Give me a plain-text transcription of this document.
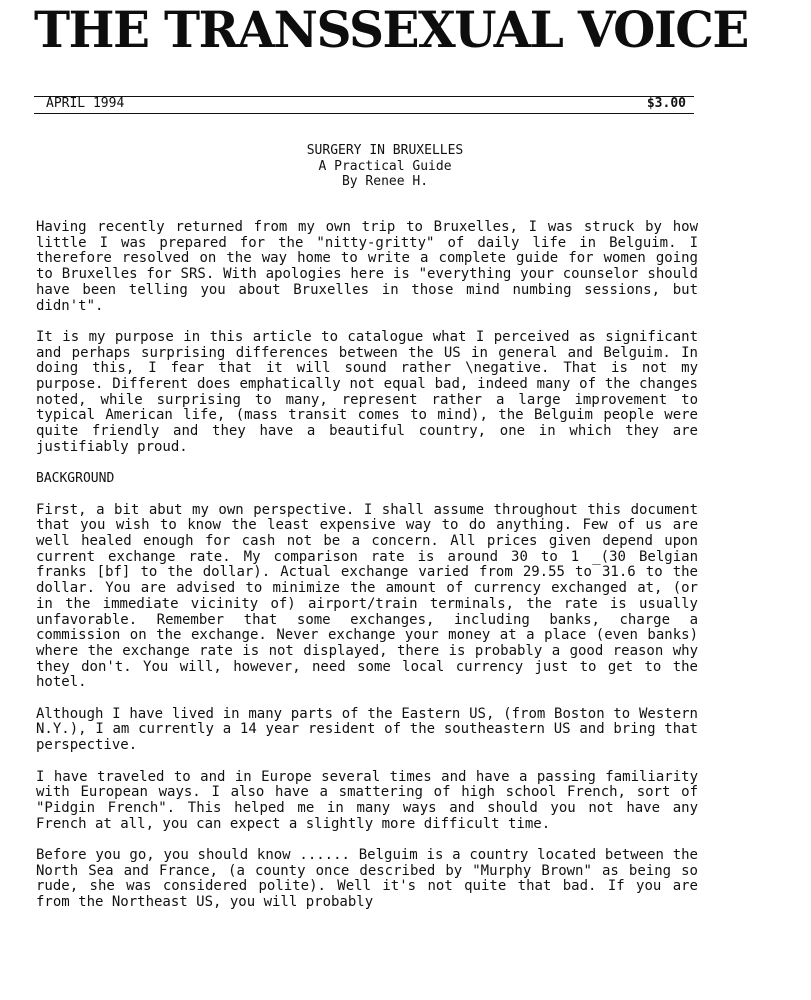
THE TRANSSEXUAL VOICE
APRIL 1994	$3.00
SURGERY IN BRUXELLES
A Practical Guide
By Renee H.

Having recently returned from my own trip to Bruxelles, I was struck by how little I was prepared for the "nitty-gritty" of daily life in Belguim. I therefore resolved on the way home to write a complete guide for women going to Bruxelles for SRS. With apologies here is "everything your counselor should have been telling you about Bruxelles in those mind numbing sessions, but didn't".

It is my purpose in this article to catalogue what I perceived as significant and perhaps surprising differences between the US in general and Belguim. In doing this, I fear that it will sound rather \negative. That is not my purpose. Different does emphatically not equal bad, indeed many of the changes noted, while surprising to many, represent rather a large improvement to typical American life, (mass transit comes to mind), the Belguim people were quite friendly and they have a beautiful country, one in which they are justifiably proud.

BACKGROUND

First, a bit abut my own perspective. I shall assume throughout this document that you wish to know the least expensive way to do anything. Few of us are well healed enough for cash not be a concern. All prices given depend upon current exchange rate. My comparison rate is around 30 to 1 _(30 Belgian franks [bf] to the dollar). Actual exchange varied from 29.55 to 31.6 to the dollar. You are advised to minimize the amount of currency exchanged at, (or in the immediate vicinity of) airport/train terminals, the rate is usually unfavorable. Remember that some exchanges, including banks, charge a commission on the exchange. Never exchange your money at a place (even banks) where the exchange rate is not displayed, there is probably a good reason why they don't. You will, however, need some local currency just to get to the hotel.

Although I have lived in many parts of the Eastern US, (from Boston to Western N.Y.), I am currently a 14 year resident of the southeastern US and bring that perspective.

I have traveled to and in Europe several times and have a passing familiarity with European ways. I also have a smattering of high school French, sort of "Pidgin French". This helped me in many ways and should you not have any French at all, you can expect a slightly more difficult time.

Before you go, you should know ...... Belguim is a country located between the North Sea and France, (a county once described by "Murphy Brown" as being so rude, she was considered polite). Well it's not quite that bad. If you are from the Northeast US, you will probably
